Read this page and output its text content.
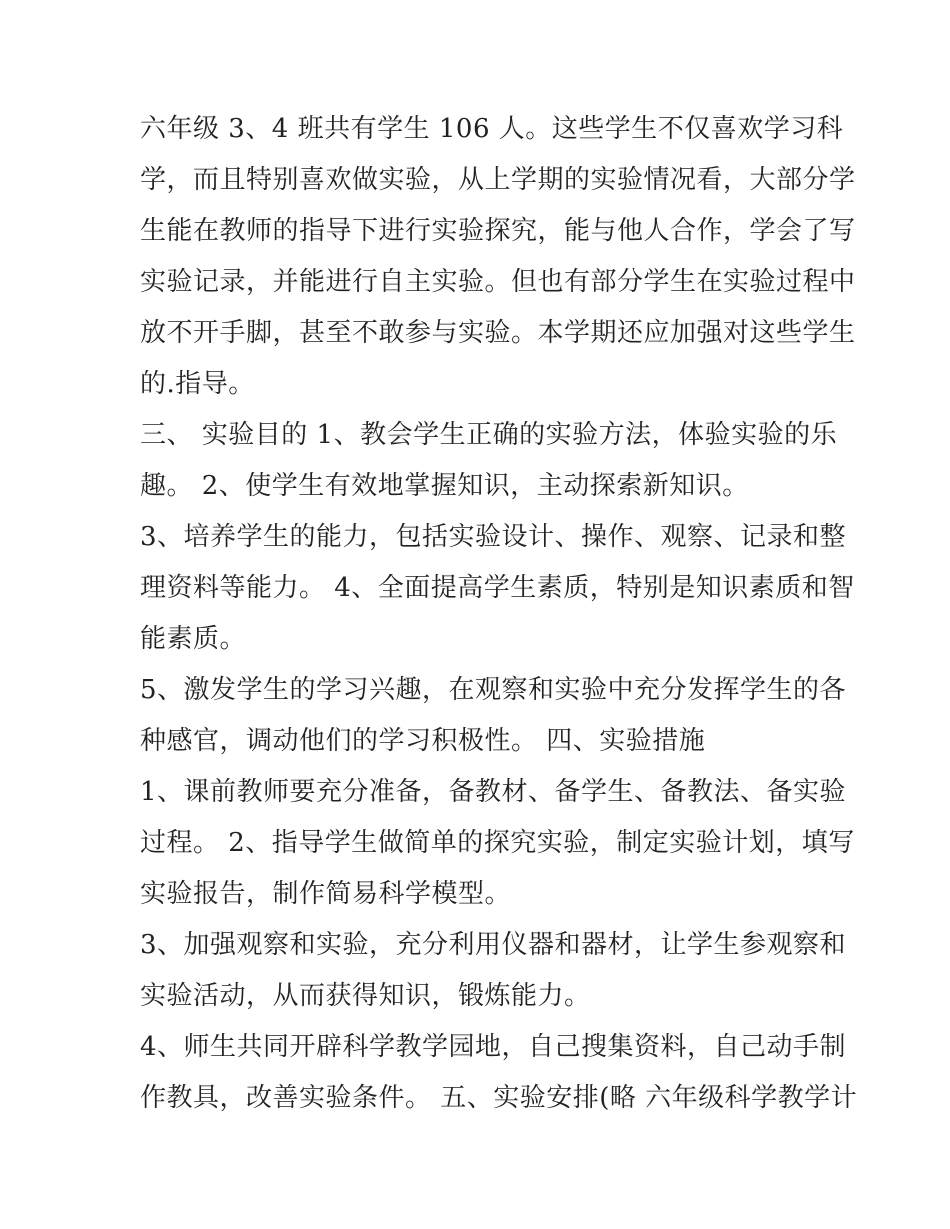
六年级 3、4 班共有学生 106 人。这些学生不仅喜欢学习科
学，而且特别喜欢做实验，从上学期的实验情况看，大部分学
生能在教师的指导下进行实验探究，能与他人合作，学会了写
实验记录，并能进行自主实验。但也有部分学生在实验过程中
放不开手脚，甚至不敢参与实验。本学期还应加强对这些学生
的.指导。
三、 实验目的 1、教会学生正确的实验方法，体验实验的乐
趣。 2、使学生有效地掌握知识，主动探索新知识。
3、培养学生的能力，包括实验设计、操作、观察、记录和整
理资料等能力。 4、全面提高学生素质，特别是知识素质和智
能素质。
5、激发学生的学习兴趣，在观察和实验中充分发挥学生的各
种感官，调动他们的学习积极性。 四、实验措施
1、课前教师要充分准备，备教材、备学生、备教法、备实验
过程。 2、指导学生做简单的探究实验，制定实验计划，填写
实验报告，制作简易科学模型。
3、加强观察和实验，充分利用仪器和器材，让学生参观察和
实验活动，从而获得知识，锻炼能力。
4、师生共同开辟科学教学园地，自己搜集资料，自己动手制
作教具，改善实验条件。 五、实验安排(略 六年级科学教学计
